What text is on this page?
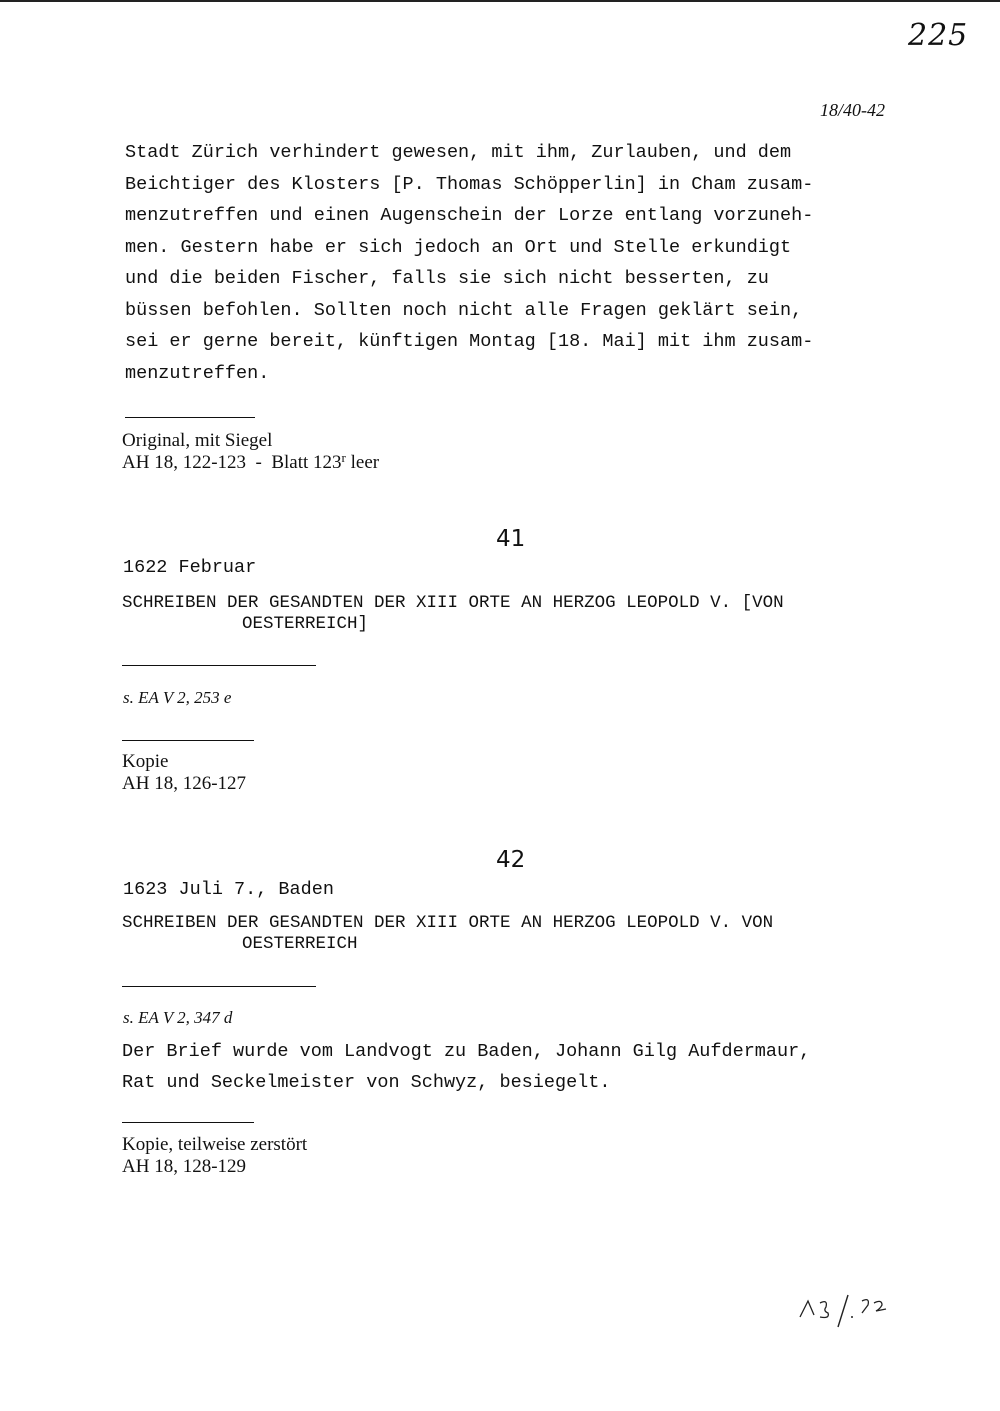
225
18/40-42
Stadt Zürich verhindert gewesen, mit ihm, Zurlauben, und dem
Beichtiger des Klosters [P. Thomas Schöpperlin] in Cham zusam-
menzutreffen und einen Augenschein der Lorze entlang vorzuneh-
men. Gestern habe er sich jedoch an Ort und Stelle erkundigt
und die beiden Fischer, falls sie sich nicht besserten, zu
büssen befohlen. Sollten noch nicht alle Fragen geklärt sein,
sei er gerne bereit, künftigen Montag [18. Mai] mit ihm zusam-
menzutreffen.
Original, mit Siegel
AH 18, 122-123  -  Blatt 123$^r$ leer
41
1622 Februar
SCHREIBEN DER GESANDTEN DER XIII ORTE AN HERZOG LEOPOLD V. [VON
OESTERREICH]
s. EA V 2, 253 e
Kopie
AH 18, 126-127
42
1623 Juli 7., Baden
SCHREIBEN DER GESANDTEN DER XIII ORTE AN HERZOG LEOPOLD V. VON
OESTERREICH
s. EA V 2, 347 d
Der Brief wurde vom Landvogt zu Baden, Johann Gilg Aufdermaur,
Rat und Seckelmeister von Schwyz, besiegelt.
Kopie, teilweise zerstört
AH 18, 128-129
